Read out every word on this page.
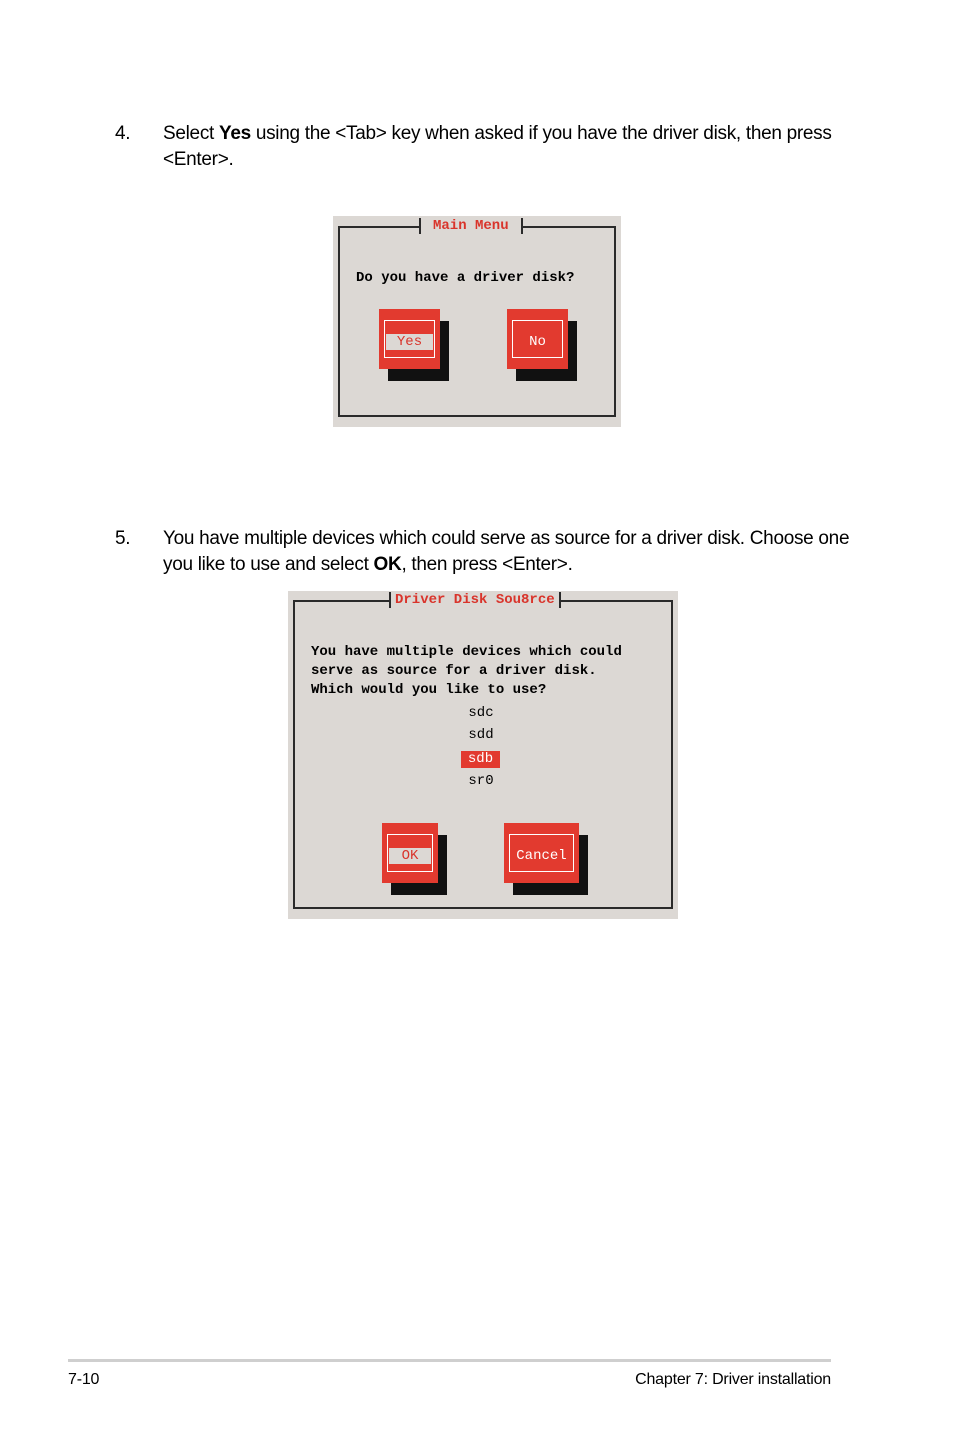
4. Select Yes using the <Tab> key when asked if you have the driver disk, then press <Enter>.
Main Menu
Do you have a driver disk?
Yes	No
5. You have multiple devices which could serve as source for a driver disk. Choose one you like to use and select OK, then press <Enter>.
Driver Disk Sou8rce
You have multiple devices which could
serve as source for a driver disk.
Which would you like to use?
sdc
sdd
sdb
sr0
OK	Cancel
7-10	Chapter 7: Driver installation
